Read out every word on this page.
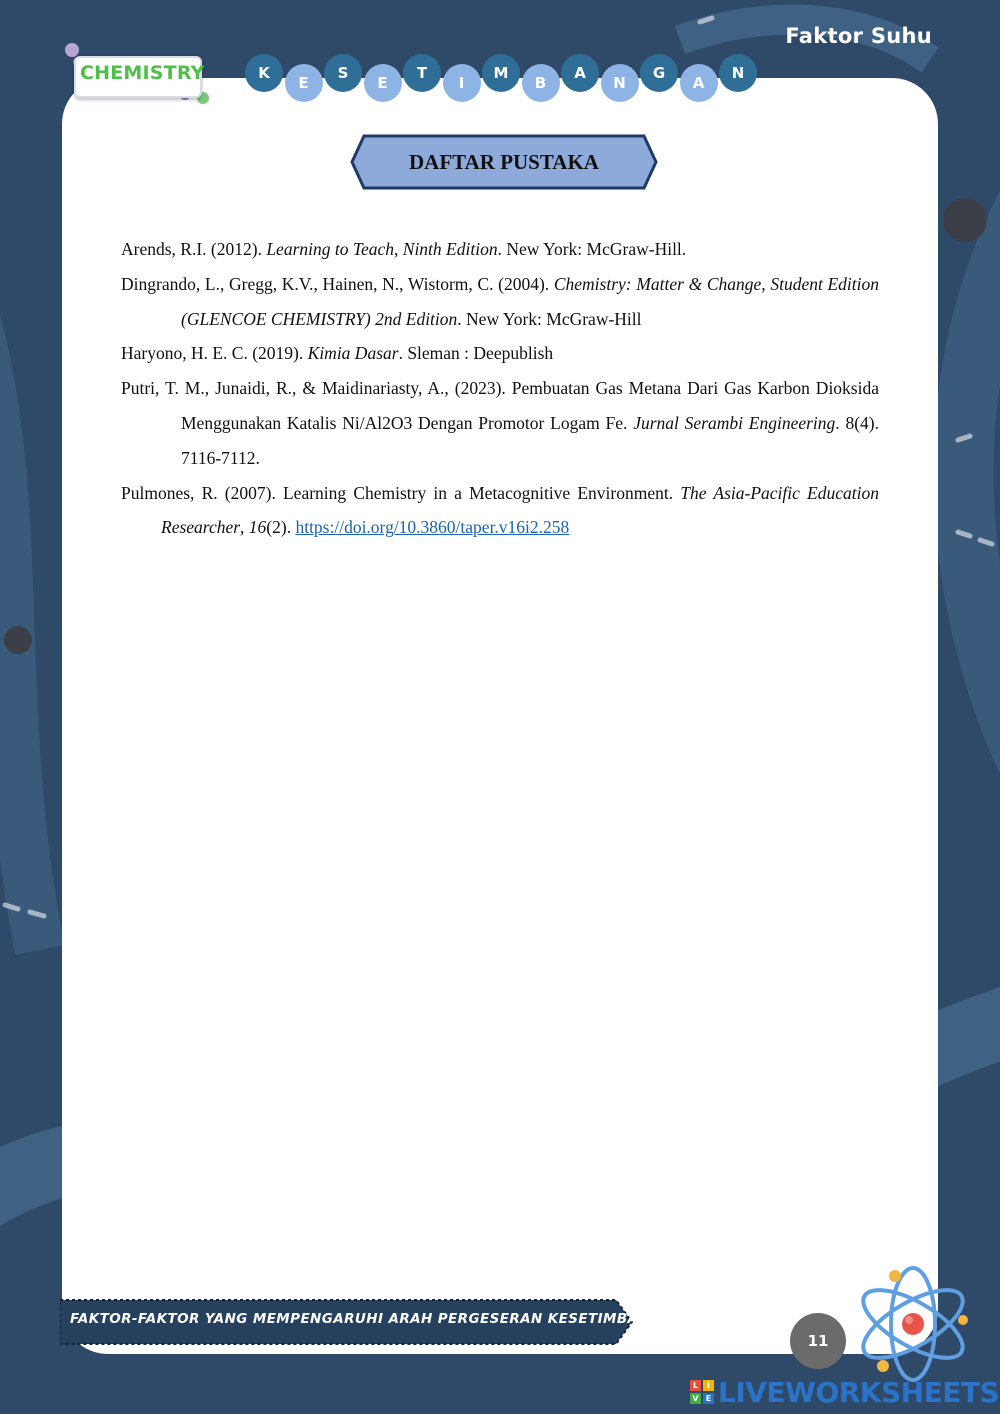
CHEMISTRY	K
E
S
E
T
I
M
B
A
N
G
A
N
Faktor Suhu
DAFTAR PUSTAKA

Arends, R.I. (2012). Learning to Teach, Ninth Edition. New York: McGraw-Hill.

Dingrando, L., Gregg, K.V., Hainen, N., Wistorm, C. (2004). Chemistry: Matter & Change, Student Edition (GLENCOE CHEMISTRY) 2nd Edition. New York: McGraw-Hill

Haryono, H. E. C. (2019). Kimia Dasar. Sleman : Deepublish

Putri, T. M., Junaidi, R., & Maidinariasty, A., (2023). Pembuatan Gas Metana Dari Gas Karbon Dioksida Menggunakan Katalis Ni/Al2O3 Dengan Promotor Logam Fe. Jurnal Serambi Engineering. 8(4). 7116-7112.

Pulmones, R. (2007). Learning Chemistry in a Metacognitive Environment. The Asia-Pacific Education Researcher, 16(2). https://doi.org/10.3860/taper.v16i2.258

FAKTOR-FAKTOR YANG MEMPENGARUHI ARAH PERGESERAN KESETIMBANGAN
11
L	I
V E LIVEWORKSHEETS
